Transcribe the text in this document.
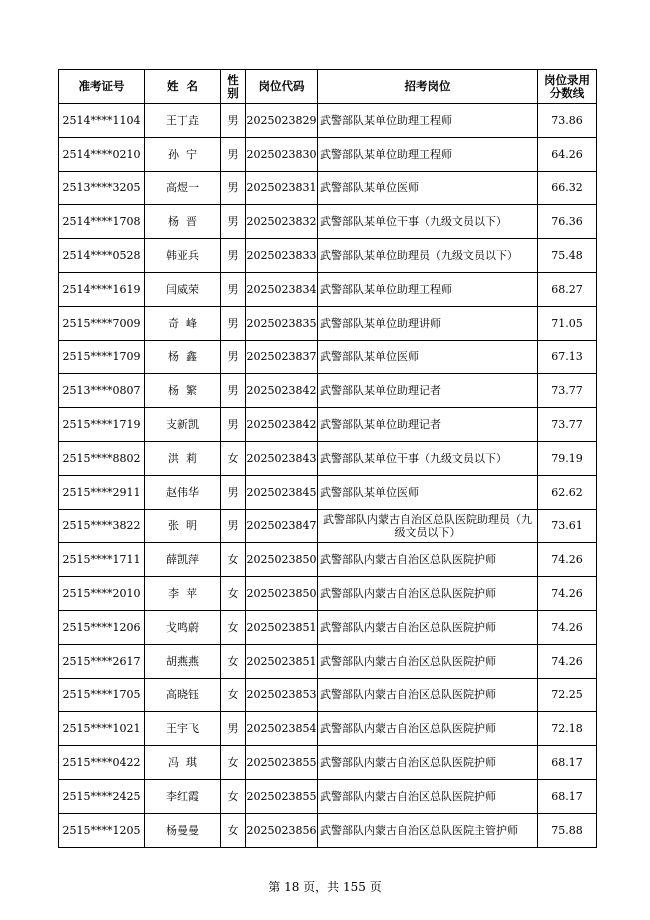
准考证号	姓  名	性别	岗位代码	招考岗位	岗位录用分数线
2514****1104	王丁垚	男	2025023829	武警部队某单位助理工程师	73.86
2514****0210	孙  宁	男	2025023830	武警部队某单位助理工程师	64.26
2513****3205	高煜一	男	2025023831	武警部队某单位医师	66.32
2514****1708	杨  晋	男	2025023832	武警部队某单位干事（九级文员以下）	76.36
2514****0528	韩亚兵	男	2025023833	武警部队某单位助理员（九级文员以下）	75.48
2514****1619	闫威荣	男	2025023834	武警部队某单位助理工程师	68.27
2515****7009	奇  峰	男	2025023835	武警部队某单位助理讲师	71.05
2515****1709	杨  鑫	男	2025023837	武警部队某单位医师	67.13
2513****0807	杨  繁	男	2025023842	武警部队某单位助理记者	73.77
2515****1719	支新凯	男	2025023842	武警部队某单位助理记者	73.77
2515****8802	洪  莉	女	2025023843	武警部队某单位干事（九级文员以下）	79.19
2515****2911	赵伟华	男	2025023845	武警部队某单位医师	62.62
2515****3822	张  明	男	2025023847	武警部队内蒙古自治区总队医院助理员（九级文员以下）	73.61
2515****1711	薛凯萍	女	2025023850	武警部队内蒙古自治区总队医院护师	74.26
2515****2010	李  苹	女	2025023850	武警部队内蒙古自治区总队医院护师	74.26
2515****1206	戈鸣蔚	女	2025023851	武警部队内蒙古自治区总队医院护师	74.26
2515****2617	胡燕燕	女	2025023851	武警部队内蒙古自治区总队医院护师	74.26
2515****1705	高晓钰	女	2025023853	武警部队内蒙古自治区总队医院护师	72.25
2515****1021	王宇飞	男	2025023854	武警部队内蒙古自治区总队医院护师	72.18
2515****0422	冯  琪	女	2025023855	武警部队内蒙古自治区总队医院护师	68.17
2515****2425	李红霞	女	2025023855	武警部队内蒙古自治区总队医院护师	68.17
2515****1205	杨曼曼	女	2025023856	武警部队内蒙古自治区总队医院主管护师	75.88
第 18 页，共 155 页
